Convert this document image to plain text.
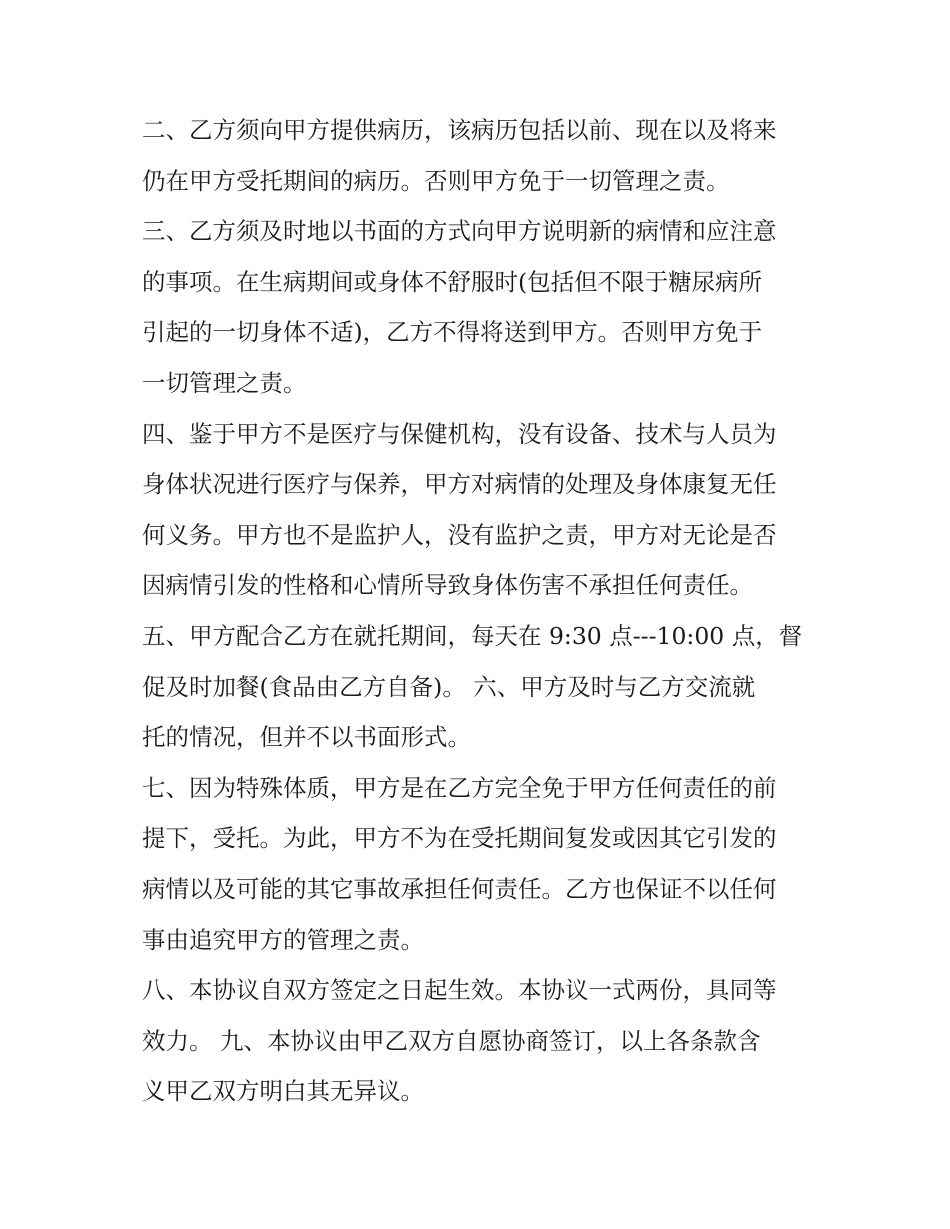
二、乙方须向甲方提供病历，该病历包括以前、现在以及将来
仍在甲方受托期间的病历。否则甲方免于一切管理之责。
三、乙方须及时地以书面的方式向甲方说明新的病情和应注意
的事项。在生病期间或身体不舒服时(包括但不限于糖尿病所
引起的一切身体不适)，乙方不得将送到甲方。否则甲方免于
一切管理之责。
四、鉴于甲方不是医疗与保健机构，没有设备、技术与人员为
身体状况进行医疗与保养，甲方对病情的处理及身体康复无任
何义务。甲方也不是监护人，没有监护之责，甲方对无论是否
因病情引发的性格和心情所导致身体伤害不承担任何责任。
五、甲方配合乙方在就托期间，每天在 9:30 点---10:00 点，督
促及时加餐(食品由乙方自备)。 六、甲方及时与乙方交流就
托的情况，但并不以书面形式。
七、因为特殊体质，甲方是在乙方完全免于甲方任何责任的前
提下，受托。为此，甲方不为在受托期间复发或因其它引发的
病情以及可能的其它事故承担任何责任。乙方也保证不以任何
事由追究甲方的管理之责。
八、本协议自双方签定之日起生效。本协议一式两份，具同等
效力。 九、本协议由甲乙双方自愿协商签订，以上各条款含
义甲乙双方明白其无异议。
